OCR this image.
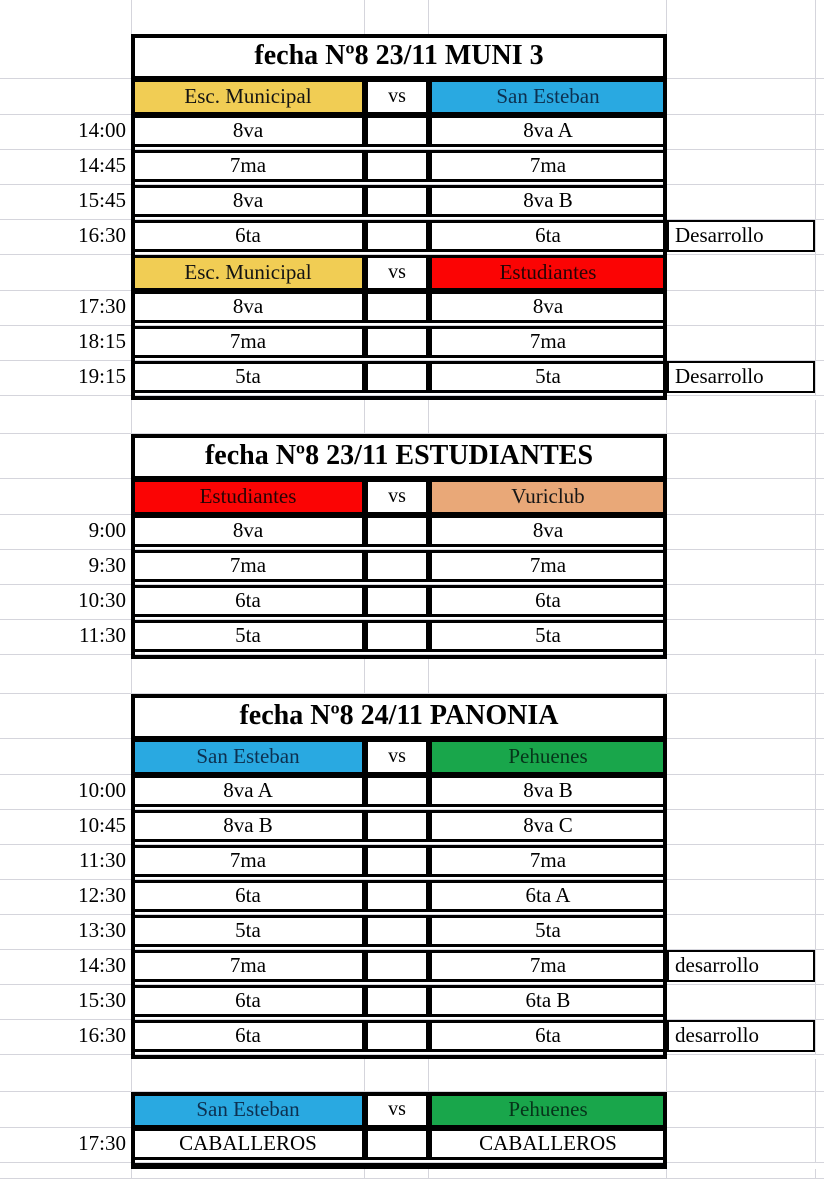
fecha Nº8 23/11 MUNI 3
Esc. Municipal	vs	San Esteban
14:00	8va	8va A
14:45	7ma	7ma
15:45	8va	8va B
16:30	6ta	6ta	Desarrollo
Esc. Municipal	vs	Estudiantes
17:30	8va	8va
18:15	7ma	7ma
19:15	5ta	5ta	Desarrollo
fecha Nº8 23/11 ESTUDIANTES
Estudiantes	vs	Vuriclub
9:00	8va	8va
9:30	7ma	7ma
10:30	6ta	6ta
11:30	5ta	5ta
fecha Nº8 24/11 PANONIA
San Esteban	vs	Pehuenes
10:00	8va A	8va B
10:45	8va B	8va C
11:30	7ma	7ma
12:30	6ta	6ta A
13:30	5ta	5ta
14:30	7ma	7ma	desarrollo
15:30	6ta	6ta B
16:30	6ta	6ta	desarrollo
San Esteban	vs	Pehuenes
17:30	CABALLEROS	CABALLEROS
